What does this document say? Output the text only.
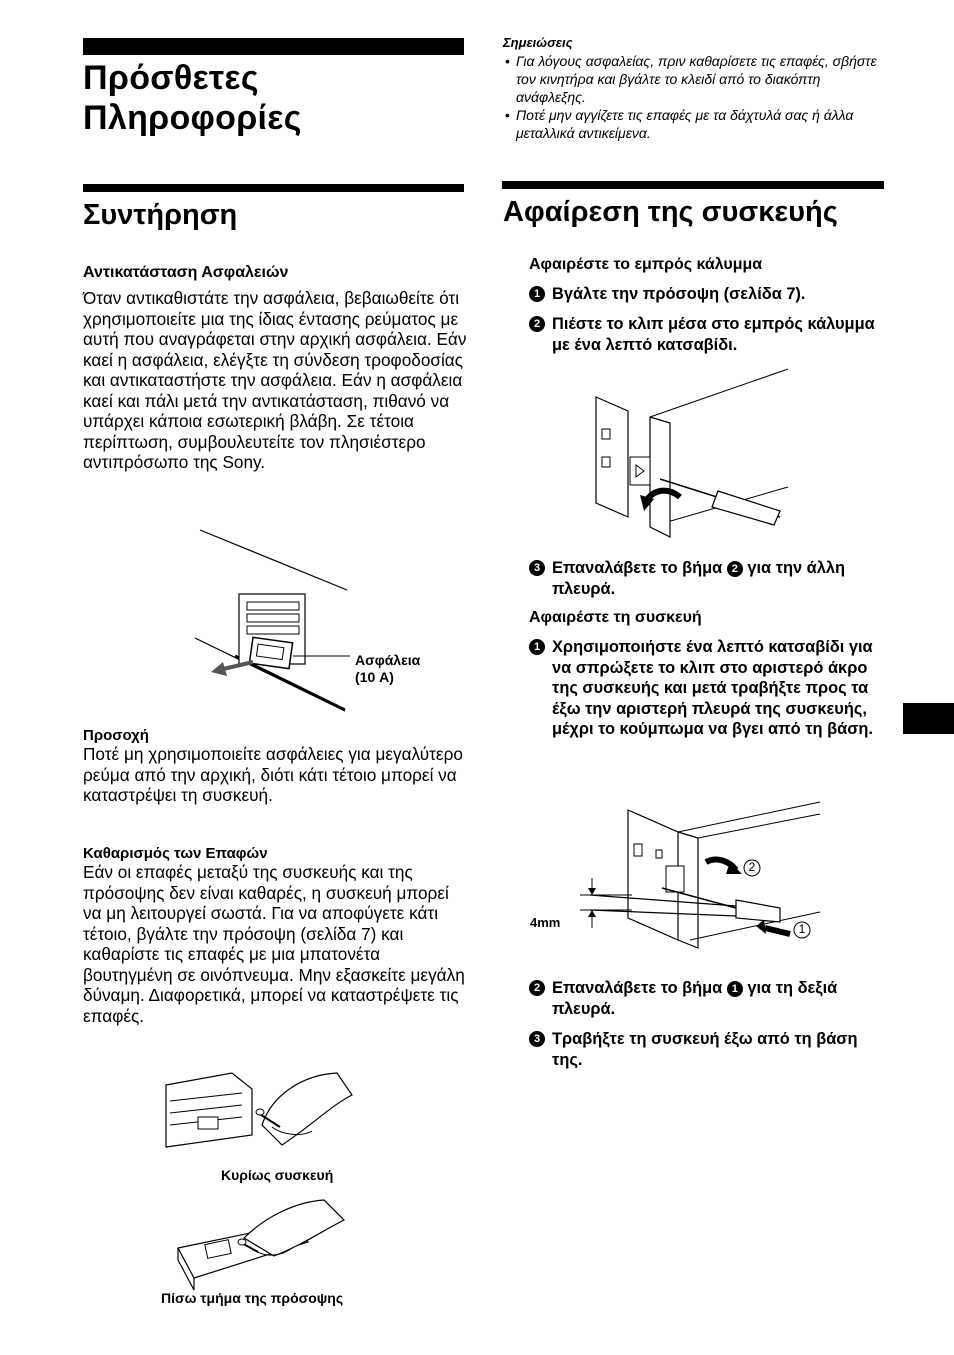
Πρόσθετες
Πληροφορίες
Συντήρηση
Αντικατάσταση Ασφαλειών

Όταν αντικαθιστάτε την ασφάλεια, βεβαιωθείτε ότι χρησιμοποιείτε μια της ίδιας έντασης ρεύματος με αυτή που αναγράφεται στην αρχική ασφάλεια. Εάν καεί η ασφάλεια, ελέγξτε τη σύνδεση τροφοδοσίας και αντικαταστήστε την ασφάλεια. Εάν η ασφάλεια καεί και πάλι μετά την αντικατάσταση, πιθανό να υπάρχει κάποια εσωτερική βλάβη. Σε τέτοια περίπτωση, συμβουλευτείτε τον πλησιέστερο αντιπρόσωπο της Sony.

Ασφάλεια
(10 A)
Προσοχή

Ποτέ μη χρησιμοποιείτε ασφάλειες για μεγαλύτερο ρεύμα από την αρχική, διότι κάτι τέτοιο μπορεί να καταστρέψει τη συσκευή.

Καθαρισμός των Επαφών

Εάν οι επαφές μεταξύ της συσκευής και της πρόσοψης δεν είναι καθαρές, η συσκευή μπορεί να μη λειτουργεί σωστά. Για να αποφύγετε κάτι τέτοιο, βγάλτε την πρόσοψη (σελίδα 7) και καθαρίστε τις επαφές με μια μπατονέτα βουτηγμένη σε οινόπνευμα. Μην εξασκείτε μεγάλη δύναμη. Διαφορετικά, μπορεί να καταστρέψετε τις επαφές.

Κυρίως συσκευή
Πίσω τμήμα της πρόσοψης
Σημειώσεις
• Για λόγους ασφαλείας, πριν καθαρίσετε τις επαφές, σβήστε τον κινητήρα και βγάλτε το κλειδί από το διακόπτη ανάφλεξης.
• Ποτέ μην αγγίζετε τις επαφές με τα δάχτυλά σας ή άλλα μεταλλικά αντικείμενα.
Αφαίρεση της συσκευής
Αφαιρέστε το εμπρός κάλυμμα
1 Βγάλτε την πρόσοψη (σελίδα 7).
2 Πιέστε το κλιπ μέσα στο εμπρός κάλυμμα με ένα λεπτό κατσαβίδι.
3 Επαναλάβετε το βήμα 2 για την άλλη πλευρά.
Αφαιρέστε τη συσκευή
1 Χρησιμοποιήστε ένα λεπτό κατσαβίδι για να σπρώξετε το κλιπ στο αριστερό άκρο της συσκευής και μετά τραβήξτε προς τα έξω την αριστερή πλευρά της συσκευής, μέχρι το κούμπωμα να βγει από τη βάση.
4mm
2
1
2 Επαναλάβετε το βήμα 1 για τη δεξιά πλευρά.
3 Τραβήξτε τη συσκευή έξω από τη βάση της.
